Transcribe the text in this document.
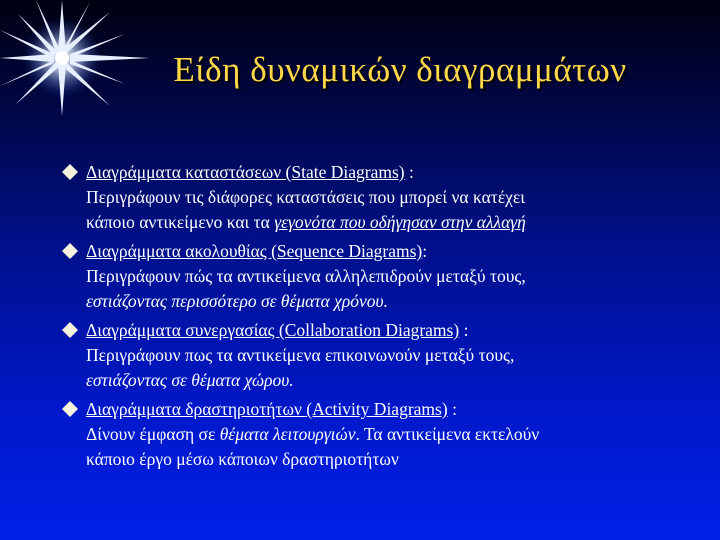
Είδη δυναμικών διαγραμμάτων
Διαγράμματα καταστάσεων (State Diagrams) :
Περιγράφουν τις διάφορες καταστάσεις που μπορεί να κατέχει
κάποιο αντικείμενο και τα γεγονότα που οδήγησαν στην αλλαγή
Διαγράμματα ακολουθίας (Sequence Diagrams):
Περιγράφουν πώς τα αντικείμενα αλληλεπιδρούν μεταξύ τους,
εστιάζοντας περισσότερο σε θέματα χρόνου.
Διαγράμματα συνεργασίας (Collaboration Diagrams) :
Περιγράφουν πως τα αντικείμενα επικοινωνούν μεταξύ τους,
εστιάζοντας σε θέματα χώρου.
Διαγράμματα δραστηριοτήτων (Activity Diagrams) :
Δίνουν έμφαση σε θέματα λειτουργιών. Τα αντικείμενα εκτελούν
κάποιο έργο μέσω κάποιων δραστηριοτήτων
